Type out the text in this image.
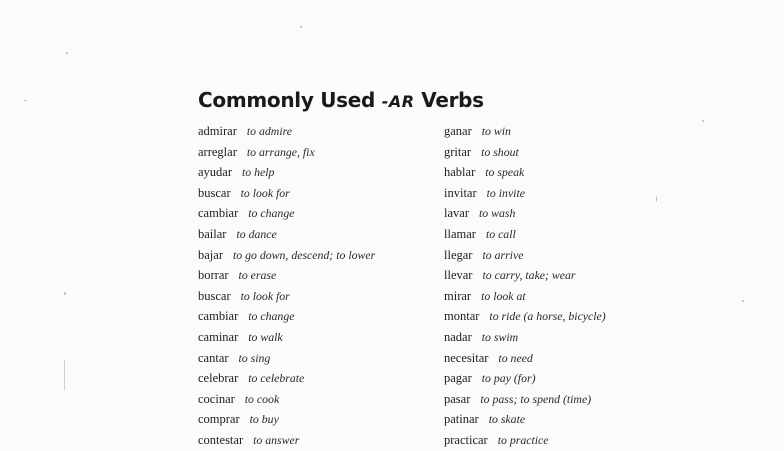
Commonly Used -AR Verbs
admirar to admire
arreglar to arrange, fix
ayudar to help
buscar to look for
cambiar to change
bailar to dance
bajar to go down, descend; to lower
borrar to erase
buscar to look for
cambiar to change
caminar to walk
cantar to sing
celebrar to celebrate
cocinar to cook
comprar to buy
contestar to answer
ganar to win
gritar to shout
hablar to speak
invitar to invite
lavar to wash
llamar to call
llegar to arrive
llevar to carry, take; wear
mirar to look at
montar to ride (a horse, bicycle)
nadar to swim
necesitar to need
pagar to pay (for)
pasar to pass; to spend (time)
patinar to skate
practicar to practice
